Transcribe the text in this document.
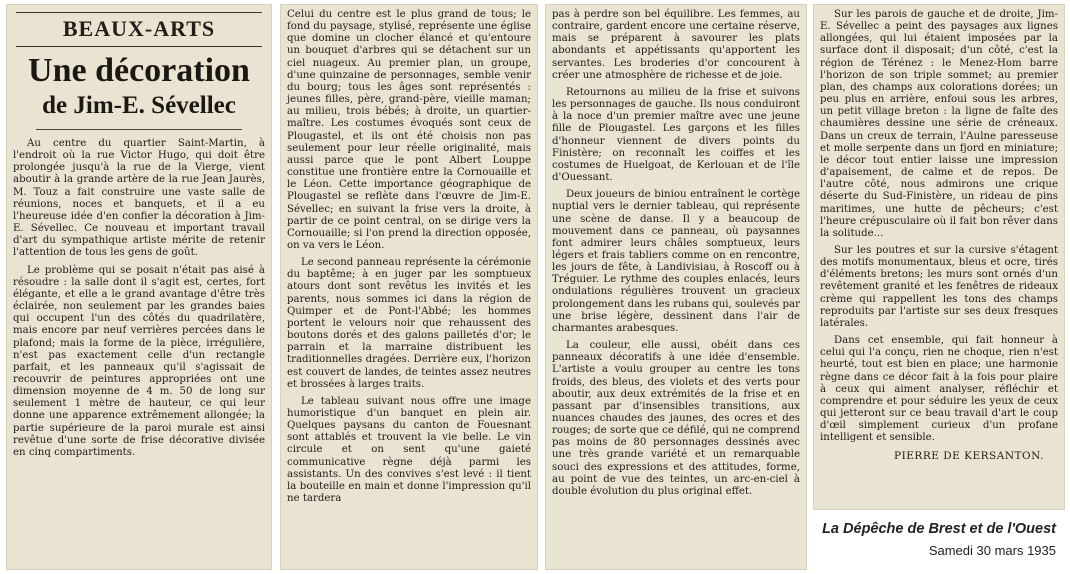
BEAUX-ARTS
Une décoration
de Jim-E. Sévellec

Au centre du quartier Saint-Martin, à l'endroit où la rue Victor Hugo, qui doit être prolongée jusqu'à la rue de la Vierge, vient aboutir à la grande artère de la rue Jean Jaurès, M. Touz a fait construire une vaste salle de réunions, noces et banquets, et il a eu l'heureuse idée d'en confier la décoration à Jim-E. Sévellec. Ce nouveau et important travail d'art du sympathique artiste mérite de retenir l'attention de tous les gens de goût.

Le problème qui se posait n'était pas aisé à résoudre : la salle dont il s'agit est, certes, fort élégante, et elle a le grand avantage d'être très éclairée, non seulement par les grandes baies qui occupent l'un des côtés du quadrilatère, mais encore par neuf verrières percées dans le plafond; mais la forme de la pièce, irrégulière, n'est pas exactement celle d'un rectangle parfait, et les panneaux qu'il s'agissait de recouvrir de peintures appropriées ont une dimension moyenne de 4 m. 50 de long sur seulement 1 mètre de hauteur, ce qui leur donne une apparence extrêmement allongée; la partie supérieure de la paroi murale est ainsi revêtue d'une sorte de frise décorative divisée en cinq compartiments.

Celui du centre est le plus grand de tous; le fond du paysage, stylisé, représente une église que domine un clocher élancé et qu'entoure un bouquet d'arbres qui se détachent sur un ciel nuageux. Au premier plan, un groupe, d'une quinzaine de personnages, semble venir du bourg; tous les âges sont représentés : jeunes filles, père, grand-père, vieille maman; au milieu, trois bébés; à droite, un quartier-maître. Les costumes évoqués sont ceux de Plougastel, et ils ont été choisis non pas seulement pour leur réelle originalité, mais aussi parce que le pont Albert Louppe constitue une frontière entre la Cornouaille et le Léon. Cette importance géographique de Plougastel se reflète dans l'œuvre de Jim-E. Sévellec; en suivant la frise vers la droite, à partir de ce point central, on se dirige vers la Cornouaille; si l'on prend la direction opposée, on va vers le Léon.

Le second panneau représente la cérémonie du baptême; à en juger par les somptueux atours dont sont revêtus les invités et les parents, nous sommes ici dans la région de Quimper et de Pont-l'Abbé; les hommes portent le velours noir que rehaussent des boutons dorés et des galons pailletés d'or; le parrain et la marraine distribuent les traditionnelles dragées. Derrière eux, l'horizon est couvert de landes, de teintes assez neutres et brossées à larges traits.

Le tableau suivant nous offre une image humoristique d'un banquet en plein air. Quelques paysans du canton de Fouesnant sont attablés et trouvent la vie belle. Le vin circule et on sent qu'une gaieté communicative règne déjà parmi les assistants. Un des convives s'est levé : il tient la bouteille en main et donne l'impression qu'il ne tardera

pas à perdre son bel équilibre. Les femmes, au contraire, gardent encore une certaine réserve, mais se préparent à savourer les plats abondants et appétissants qu'apportent les servantes. Les broderies d'or concourent à créer une atmosphère de richesse et de joie.

Retournons au milieu de la frise et suivons les personnages de gauche. Ils nous conduiront à la noce d'un premier maître avec une jeune fille de Plougastel. Les garçons et les filles d'honneur viennent de divers points du Finistère; on reconnaît les coiffes et les costumes de Huelgoat, de Kerlouan et de l'île d'Ouessant.

Deux joueurs de biniou entraînent le cortège nuptial vers le dernier tableau, qui représente une scène de danse. Il y a beaucoup de mouvement dans ce panneau, où paysannes font admirer leurs châles somptueux, leurs légers et frais tabliers comme on en rencontre, les jours de fête, à Landivisiau, à Roscoff ou à Tréguier. Le rythme des couples enlacés, leurs ondulations régulières trouvent un gracieux prolongement dans les rubans qui, soulevés par une brise légère, dessinent dans l'air de charmantes arabesques.

La couleur, elle aussi, obéit dans ces panneaux décoratifs à une idée d'ensemble. L'artiste a voulu grouper au centre les tons froids, des bleus, des violets et des verts pour aboutir, aux deux extrémités de la frise et en passant par d'insensibles transitions, aux nuances chaudes des jaunes, des ocres et des rouges; de sorte que ce défilé, qui ne comprend pas moins de 80 personnages dessinés avec une très grande variété et un remarquable souci des expressions et des attitudes, forme, au point de vue des teintes, un arc-en-ciel à double évolution du plus original effet.

Sur les parois de gauche et de droite, Jim-E. Sévellec a peint des paysages aux lignes allongées, qui lui étaient imposées par la surface dont il disposait; d'un côté, c'est la région de Térénez : le Menez-Hom barre l'horizon de son triple sommet; au premier plan, des champs aux colorations dorées; un peu plus en arrière, enfoui sous les arbres, un petit village breton : la ligne de faîte des chaumières dessine une série de créneaux. Dans un creux de terrain, l'Aulne paresseuse et molle serpente dans un fjord en miniature; le décor tout entier laisse une impression d'apaisement, de calme et de repos. De l'autre côté, nous admirons une crique déserte du Sud-Finistère, un rideau de pins maritimes, une hutte de pêcheurs; c'est l'heure crépusculaire où il fait bon rêver dans la solitude...

Sur les poutres et sur la cursive s'étagent des motifs monumentaux, bleus et ocre, tirés d'éléments bretons; les murs sont ornés d'un revêtement granité et les fenêtres de rideaux crème qui rappellent les tons des champs reproduits par l'artiste sur ses deux fresques latérales.

Dans cet ensemble, qui fait honneur à celui qui l'a conçu, rien ne choque, rien n'est heurté, tout est bien en place; une harmonie règne dans ce décor fait à la fois pour plaire à ceux qui aiment analyser, réfléchir et comprendre et pour séduire les yeux de ceux qui jetteront sur ce beau travail d'art le coup d'œil simplement curieux d'un profane intelligent et sensible.

PIERRE DE KERSANTON.
La Dépêche de Brest et de l'Ouest
Samedi 30 mars 1935
